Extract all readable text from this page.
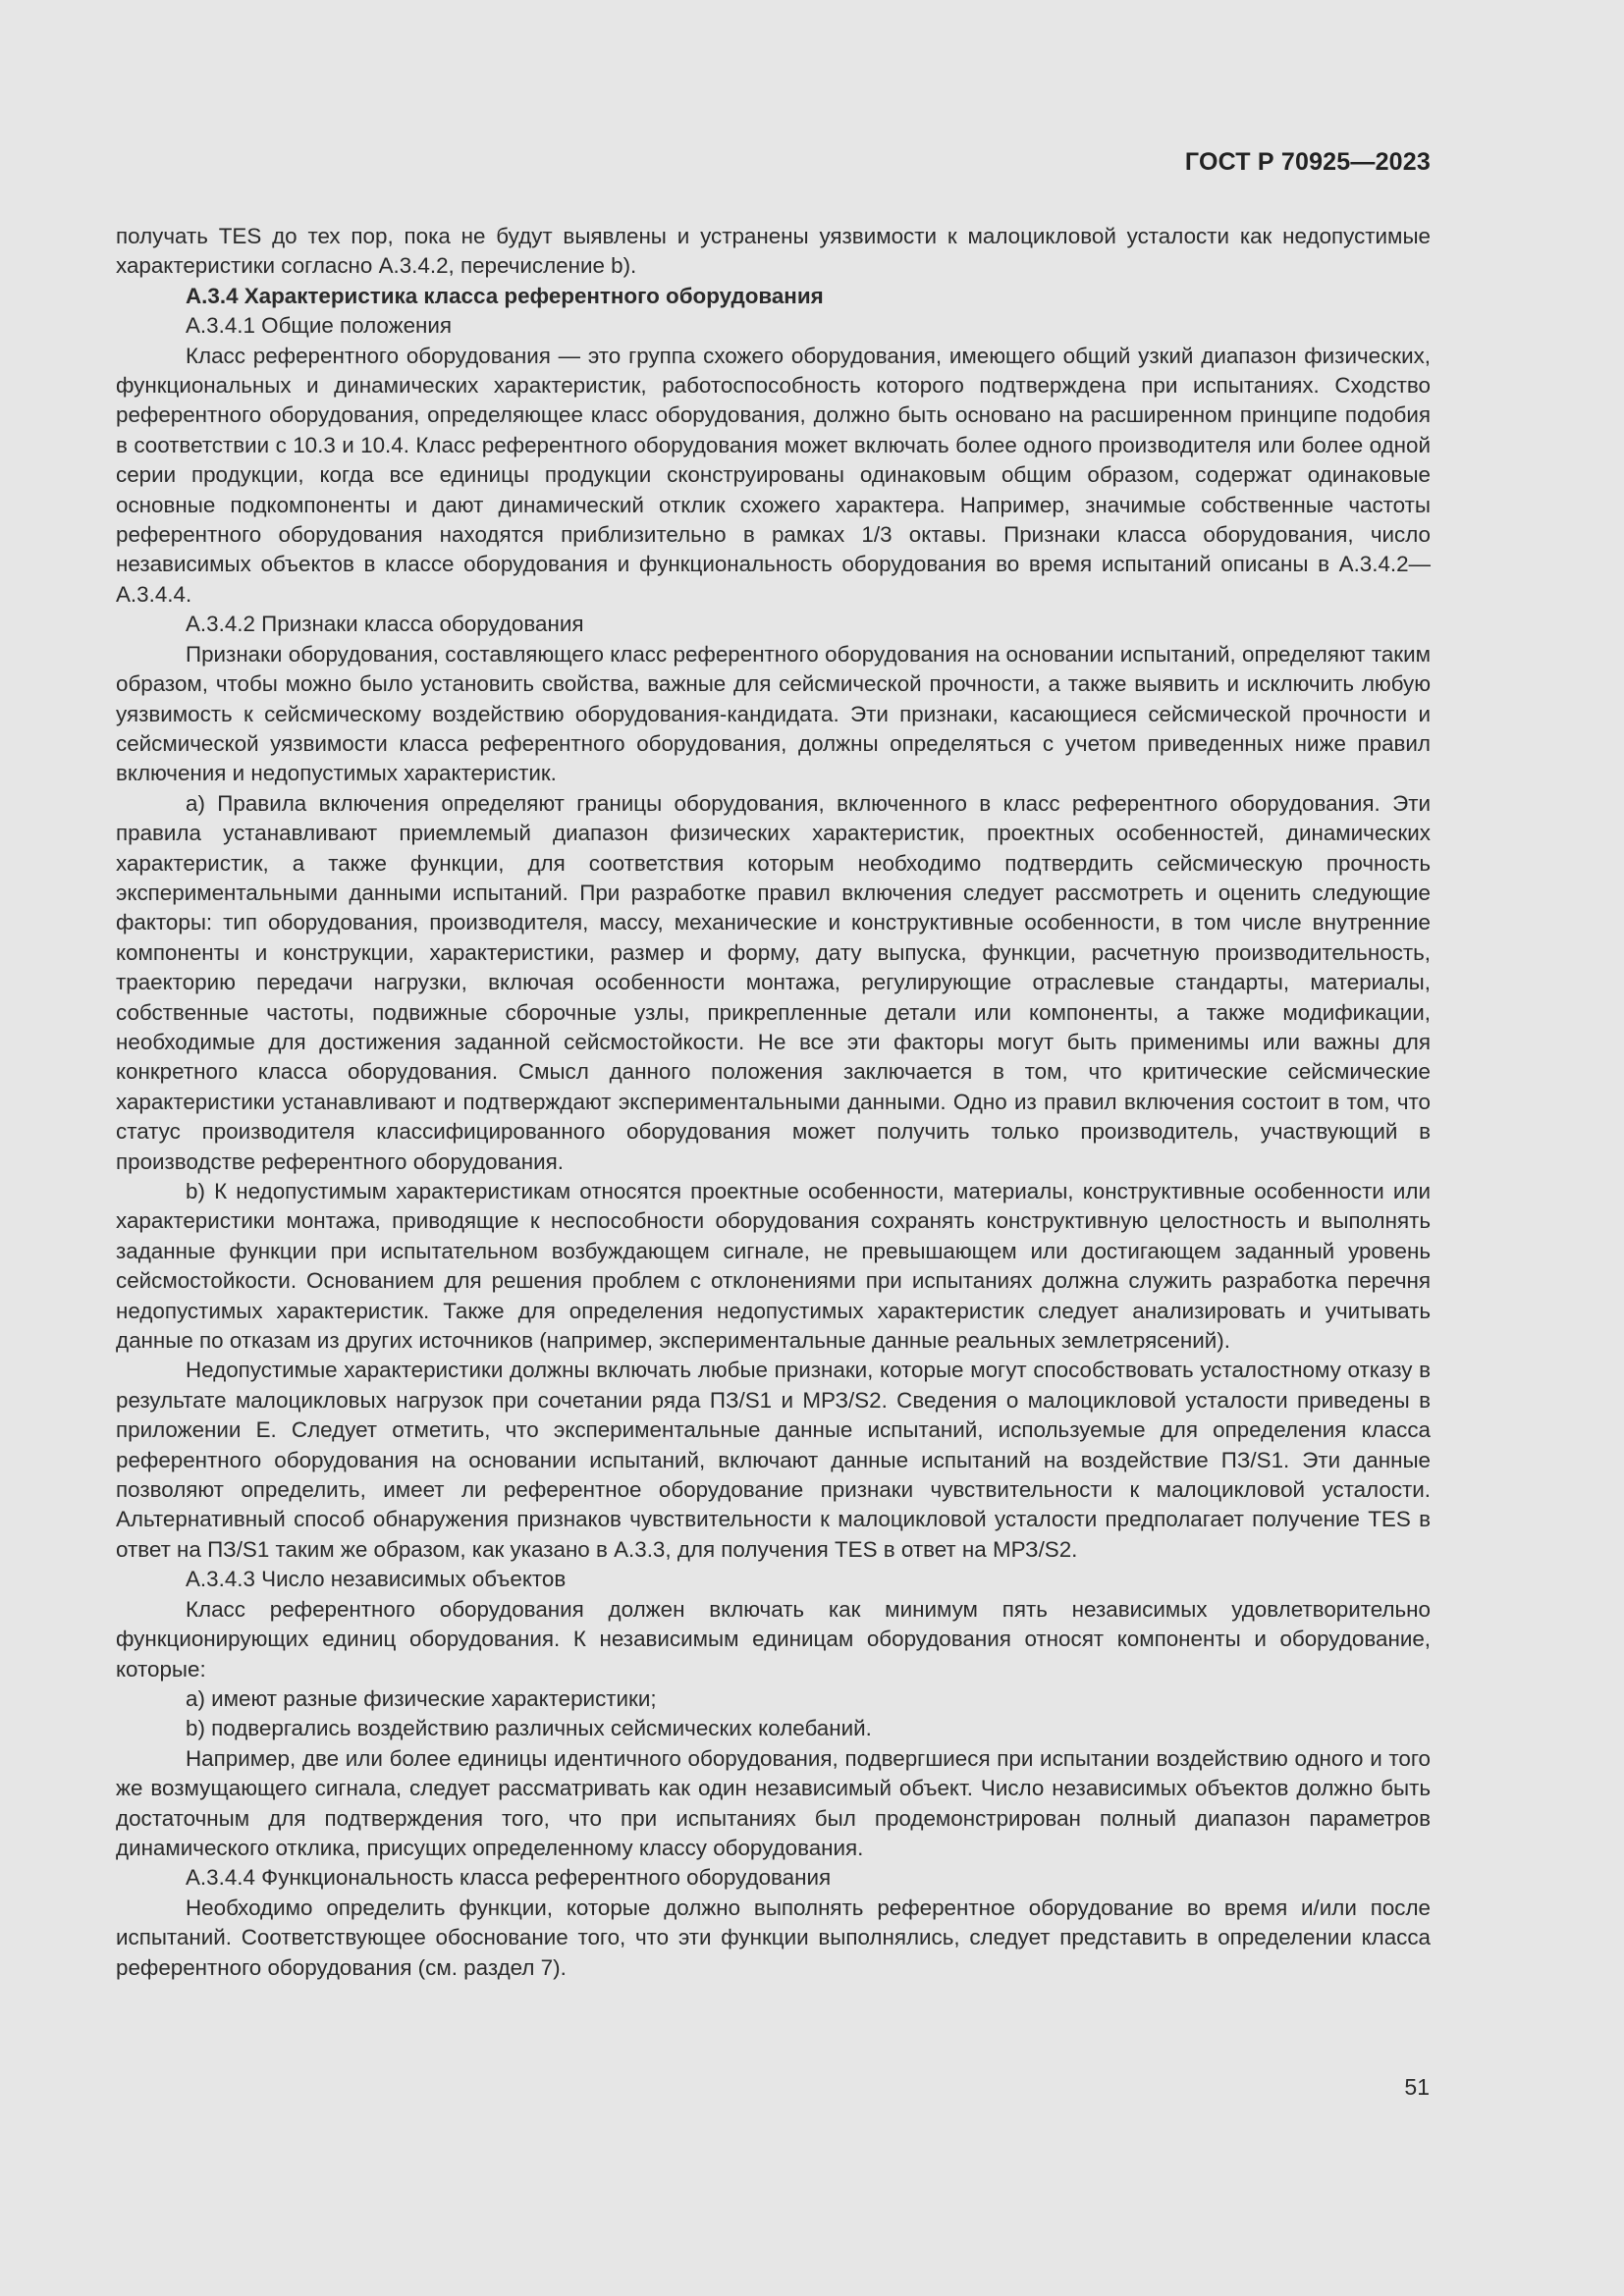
ГОСТ Р 70925—2023

получать TES до тех пор, пока не будут выявлены и устранены уязвимости к малоцикловой усталости как недопустимые характеристики согласно А.3.4.2, перечисление b).

А.3.4 Характеристика класса референтного оборудования

А.3.4.1 Общие положения

Класс референтного оборудования — это группа схожего оборудования, имеющего общий узкий диапазон физических, функциональных и динамических характеристик, работоспособность которого подтверждена при испытаниях. Сходство референтного оборудования, определяющее класс оборудования, должно быть основано на расширенном принципе подобия в соответствии с 10.3 и 10.4. Класс референтного оборудования может включать более одного производителя или более одной серии продукции, когда все единицы продукции сконструированы одинаковым общим образом, содержат одинаковые основные подкомпоненты и дают динамический отклик схожего характера. Например, значимые собственные частоты референтного оборудования находятся приблизительно в рамках 1/3 октавы. Признаки класса оборудования, число независимых объектов в классе оборудования и функциональность оборудования во время испытаний описаны в А.3.4.2—А.3.4.4.

А.3.4.2 Признаки класса оборудования

Признаки оборудования, составляющего класс референтного оборудования на основании испытаний, определяют таким образом, чтобы можно было установить свойства, важные для сейсмической прочности, а также выявить и исключить любую уязвимость к сейсмическому воздействию оборудования-кандидата. Эти признаки, касающиеся сейсмической прочности и сейсмической уязвимости класса референтного оборудования, должны определяться с учетом приведенных ниже правил включения и недопустимых характеристик.

a) Правила включения определяют границы оборудования, включенного в класс референтного оборудования. Эти правила устанавливают приемлемый диапазон физических характеристик, проектных особенностей, динамических характеристик, а также функции, для соответствия которым необходимо подтвердить сейсмическую прочность экспериментальными данными испытаний. При разработке правил включения следует рассмотреть и оценить следующие факторы: тип оборудования, производителя, массу, механические и конструктивные особенности, в том числе внутренние компоненты и конструкции, характеристики, размер и форму, дату выпуска, функции, расчетную производительность, траекторию передачи нагрузки, включая особенности монтажа, регулирующие отраслевые стандарты, материалы, собственные частоты, подвижные сборочные узлы, прикрепленные детали или компоненты, а также модификации, необходимые для достижения заданной сейсмостойкости. Не все эти факторы могут быть применимы или важны для конкретного класса оборудования. Смысл данного положения заключается в том, что критические сейсмические характеристики устанавливают и подтверждают экспериментальными данными. Одно из правил включения состоит в том, что статус производителя классифицированного оборудования может получить только производитель, участвующий в производстве референтного оборудования.

b) К недопустимым характеристикам относятся проектные особенности, материалы, конструктивные особенности или характеристики монтажа, приводящие к неспособности оборудования сохранять конструктивную целостность и выполнять заданные функции при испытательном возбуждающем сигнале, не превышающем или достигающем заданный уровень сейсмостойкости. Основанием для решения проблем с отклонениями при испытаниях должна служить разработка перечня недопустимых характеристик. Также для определения недопустимых характеристик следует анализировать и учитывать данные по отказам из других источников (например, экспериментальные данные реальных землетрясений).

Недопустимые характеристики должны включать любые признаки, которые могут способствовать усталостному отказу в результате малоцикловых нагрузок при сочетании ряда ПЗ/S1 и МРЗ/S2. Сведения о малоцикловой усталости приведены в приложении Е. Следует отметить, что экспериментальные данные испытаний, используемые для определения класса референтного оборудования на основании испытаний, включают данные испытаний на воздействие ПЗ/S1. Эти данные позволяют определить, имеет ли референтное оборудование признаки чувствительности к малоцикловой усталости. Альтернативный способ обнаружения признаков чувствительности к малоцикловой усталости предполагает получение TES в ответ на ПЗ/S1 таким же образом, как указано в А.3.3, для получения TES в ответ на МРЗ/S2.

А.3.4.3 Число независимых объектов

Класс референтного оборудования должен включать как минимум пять независимых удовлетворительно функционирующих единиц оборудования. К независимым единицам оборудования относят компоненты и оборудование, которые:

a) имеют разные физические характеристики;

b) подвергались воздействию различных сейсмических колебаний.

Например, две или более единицы идентичного оборудования, подвергшиеся при испытании воздействию одного и того же возмущающего сигнала, следует рассматривать как один независимый объект. Число независимых объектов должно быть достаточным для подтверждения того, что при испытаниях был продемонстрирован полный диапазон параметров динамического отклика, присущих определенному классу оборудования.

А.3.4.4 Функциональность класса референтного оборудования

Необходимо определить функции, которые должно выполнять референтное оборудование во время и/или после испытаний. Соответствующее обоснование того, что эти функции выполнялись, следует представить в определении класса референтного оборудования (см. раздел 7).

51
